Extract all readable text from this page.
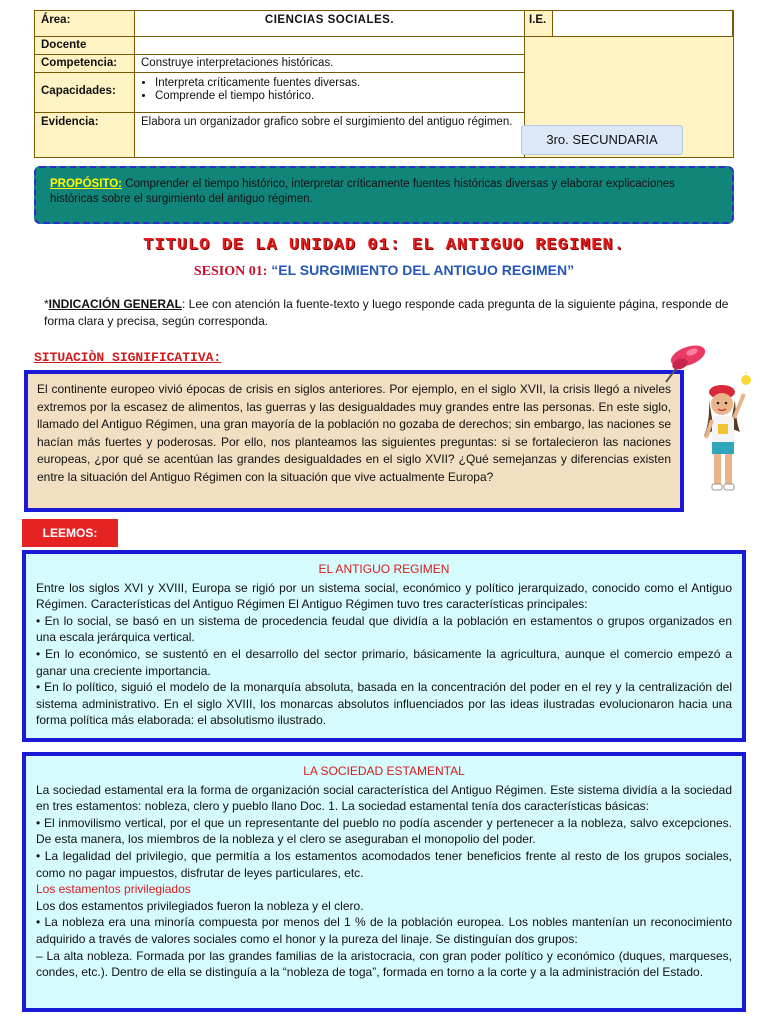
Área:	CIENCIAS SOCIALES.	I.E.
Docente
Competencia:	Construye interpretaciones históricas.
Capacidades:
• Interpreta críticamente fuentes diversas.
• Comprende el tiempo histórico.
Evidencia:	Elabora un organizador grafico sobre el surgimiento del antiguo régimen.
3ro. SECUNDARIA
PROPÓSITO: Comprender el tiempo histórico, interpretar críticamente fuentes históricas diversas y elaborar explicaciones históricas sobre el surgimiento del antiguo régimen.
TITULO DE LA UNIDAD 01: EL ANTIGUO REGIMEN.
SESION 01: “EL SURGIMIENTO DEL ANTIGUO REGIMEN”
*INDICACIÓN GENERAL: Lee con atención la fuente-texto y luego responde cada pregunta de la siguiente página, responde de forma clara y precisa, según corresponda.
SITUACIÒN SIGNIFICATIVA:
El continente europeo vivió épocas de crisis en siglos anteriores. Por ejemplo, en el siglo XVII, la crisis llegó a niveles extremos por la escasez de alimentos, las guerras y las desigualdades muy grandes entre las personas. En este siglo, llamado del Antiguo Régimen, una gran mayoría de la población no gozaba de derechos; sin embargo, las naciones se hacían más fuertes y poderosas. Por ello, nos planteamos las siguientes preguntas: si se fortalecieron las naciones europeas, ¿por qué se acentúan las grandes desigualdades en el siglo XVII? ¿Qué semejanzas y diferencias existen entre la situación del Antiguo Régimen con la situación que vive actualmente Europa?
LEEMOS:
EL ANTIGUO REGIMEN

Entre los siglos XVI y XVIII, Europa se rigió por un sistema social, económico y político jerarquizado, conocido como el Antiguo Régimen. Características del Antiguo Régimen El Antiguo Régimen tuvo tres características principales:

• En lo social, se basó en un sistema de procedencia feudal que dividía a la población en estamentos o grupos organizados en una escala jerárquica vertical.

• En lo económico, se sustentó en el desarrollo del sector primario, básicamente la agricultura, aunque el comercio empezó a ganar una creciente importancia.

• En lo político, siguió el modelo de la monarquía absoluta, basada en la concentración del poder en el rey y la centralización del sistema administrativo. En el siglo XVIII, los monarcas absolutos influenciados por las ideas ilustradas evolucionaron hacia una forma política más elaborada: el absolutismo ilustrado.

LA SOCIEDAD ESTAMENTAL

La sociedad estamental era la forma de organización social característica del Antiguo Régimen. Este sistema dividía a la sociedad en tres estamentos: nobleza, clero y pueblo llano Doc. 1. La sociedad estamental tenía dos características básicas:

• El inmovilismo vertical, por el que un representante del pueblo no podía ascender y pertenecer a la nobleza, salvo excepciones. De esta manera, los miembros de la nobleza y el clero se aseguraban el monopolio del poder.

• La legalidad del privilegio, que permitía a los estamentos acomodados tener beneficios frente al resto de los grupos sociales, como no pagar impuestos, disfrutar de leyes particulares, etc.

Los estamentos privilegiados

Los dos estamentos privilegiados fueron la nobleza y el clero.

• La nobleza era una minoría compuesta por menos del 1 % de la población europea. Los nobles mantenían un reconocimiento adquirido a través de valores sociales como el honor y la pureza del linaje. Se distinguían dos grupos:

– La alta nobleza. Formada por las grandes familias de la aristocracia, con gran poder político y económico (duques, marqueses, condes, etc.). Dentro de ella se distinguía a la “nobleza de toga”, formada en torno a la corte y a la administración del Estado.
